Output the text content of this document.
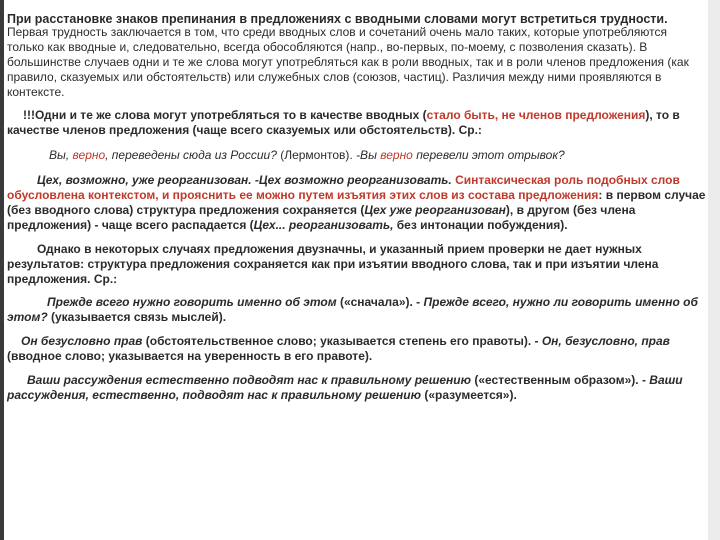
При расстановке знаков препинания в предложениях с вводными словами могут встретиться трудности.

Первая трудность заключается в том, что среди вводных слов и сочетаний очень мало таких, которые употребляются только как вводные и, следовательно, всегда обособляются (напр., во-первых, по-моему, с позволения сказать). В большинстве случаев одни и те же слова могут употребляться как в роли вводных, так и в роли членов предложения (как правило, сказуемых или обстоятельств) или служебных слов (союзов, частиц). Различия между ними проявляются в контексте.

!!!Одни и те же слова могут употребляться то в качестве вводных (стало быть, не членов предложения), то в качестве членов предложения (чаще всего сказуемых или обстоятельств). Ср.:

Вы, верно, переведены сюда из России? (Лермонтов). -Вы верно перевели этот отрывок?

Цех, возможно, уже реорганизован. -Цех возможно реорганизовать. Синтаксическая роль подобных слов обусловлена контекстом, и прояснить ее можно путем изъятия этих слов из состава предложения: в первом случае (без вводного слова) структура предложения сохраняется (Цех уже реорганизован), в другом (без члена предложения) - чаще всего распадается (Цех... реорганизовать, без интонации побуждения).

Однако в некоторых случаях предложения двузначны, и указанный прием проверки не дает нужных результатов: структура предложения сохраняется как при изъятии вводного слова, так и при изъятии члена предложения. Ср.:

Прежде всего нужно говорить именно об этом («сначала»). - Прежде всего, нужно ли говорить именно об этом? (указывается связь мыслей).

Он безусловно прав (обстоятельственное слово; указывается степень его правоты). - Он, безусловно, прав (вводное слово; указывается на уверенность в его правоте).

Ваши рассуждения естественно подводят нас к правильному решению («естественным образом»). - Ваши рассуждения, естественно, подводят нас к правильному решению («разумеется»).
